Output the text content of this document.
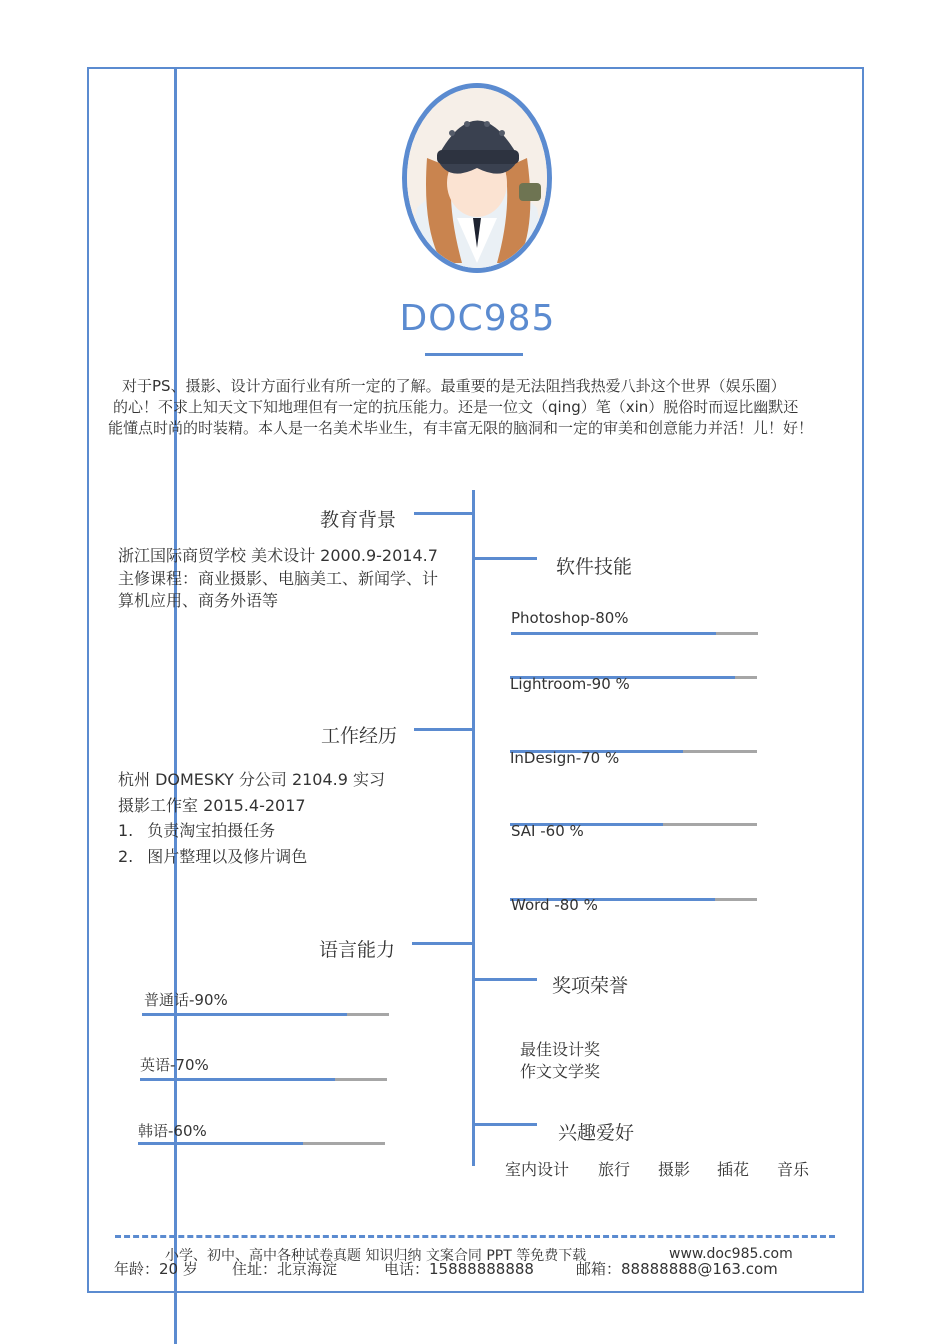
DOC985
对于PS、摄影、设计方面行业有所一定的了解。最重要的是无法阻挡我热爱八卦这个世界（娱乐圈）
的心！不求上知天文下知地理但有一定的抗压能力。还是一位文（qing）笔（xin）脱俗时而逗比幽默还
能懂点时尚的时装精。本人是一名美术毕业生，有丰富无限的脑洞和一定的审美和创意能力并活！儿！好！
教育背景
浙江国际商贸学校 美术设计 2000.9-2014.7
主修课程：商业摄影、电脑美工、新闻学、计
算机应用、商务外语等
工作经历
杭州 DOMESKY 分公司 2104.9 实习
摄影工作室 2015.4-2017
1. 负责淘宝拍摄任务
2. 图片整理以及修片调色
语言能力
普通话-90%
英语-70%
韩语-60%
软件技能
Photoshop-80%
Lightroom-90 %
InDesign-70 %
SAI -60 %
Word -80 %
奖项荣誉
最佳设计奖
作文文学奖
兴趣爱好
室内设计 旅行 摄影 插花 音乐
小学、初中、高中各种试卷真题 知识归纳 文案合同 PPT 等免费下载	www.doc985.com
年龄：20 岁 住址：北京海淀	电话：15888888888	邮箱：88888888@163.com
